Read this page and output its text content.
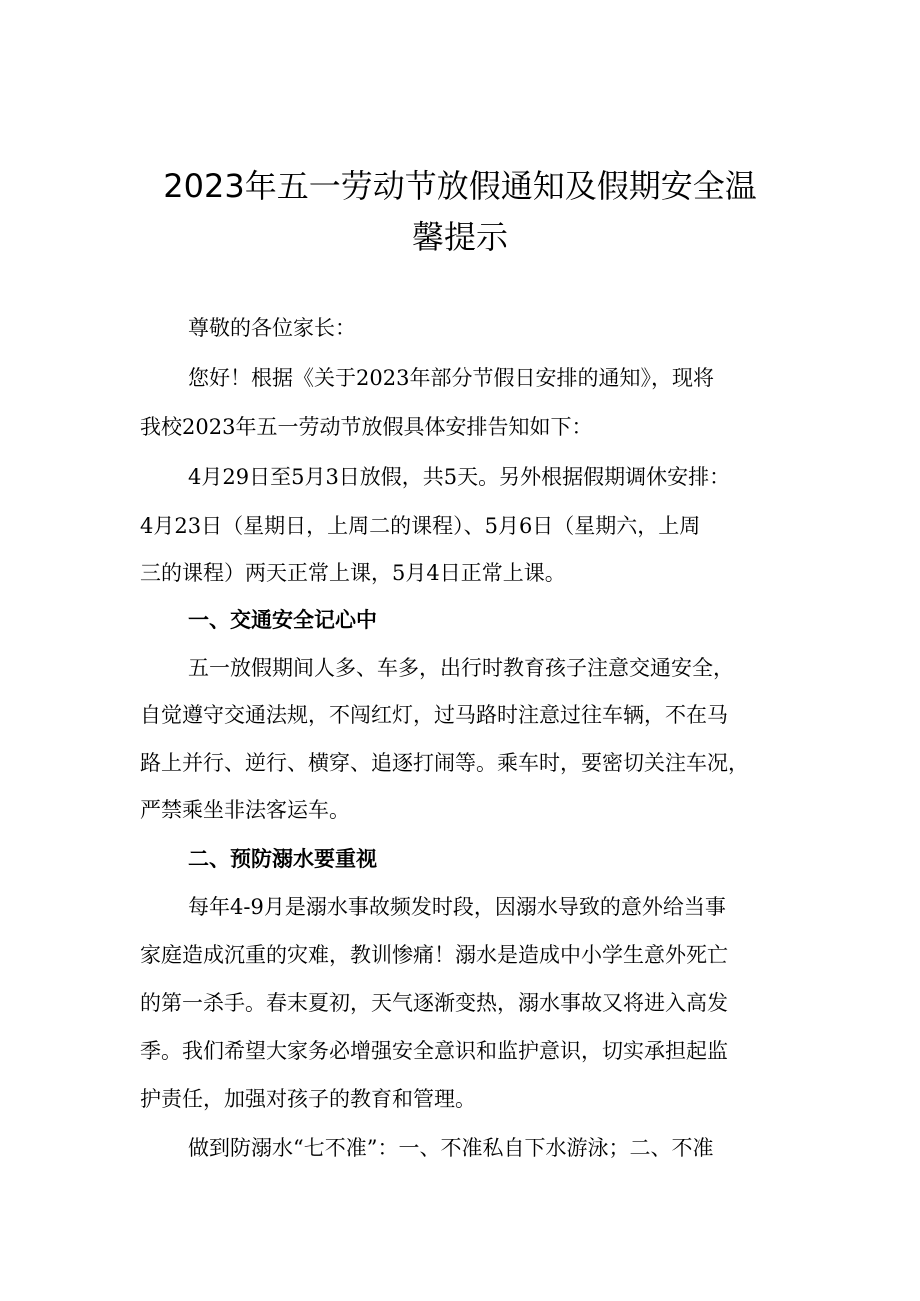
2023年五一劳动节放假通知及假期安全温
馨提示

尊敬的各位家长：

您好！根据《关于2023年部分节假日安排的通知》，现将

我校2023年五一劳动节放假具体安排告知如下：

4月29日至5月3日放假，共5天。另外根据假期调休安排：

4月23日（星期日，上周二的课程）、5月6日（星期六，上周

三的课程）两天正常上课，5月4日正常上课。

一、交通安全记心中

五一放假期间人多、车多，出行时教育孩子注意交通安全，

自觉遵守交通法规，不闯红灯，过马路时注意过往车辆，不在马

路上并行、逆行、横穿、追逐打闹等。乘车时，要密切关注车况，

严禁乘坐非法客运车。

二、预防溺水要重视

每年4-9月是溺水事故频发时段，因溺水导致的意外给当事

家庭造成沉重的灾难，教训惨痛！溺水是造成中小学生意外死亡

的第一杀手。春末夏初，天气逐渐变热，溺水事故又将进入高发

季。我们希望大家务必增强安全意识和监护意识，切实承担起监

护责任，加强对孩子的教育和管理。

做到防溺水“七不准”：一、不准私自下水游泳；二、不准
